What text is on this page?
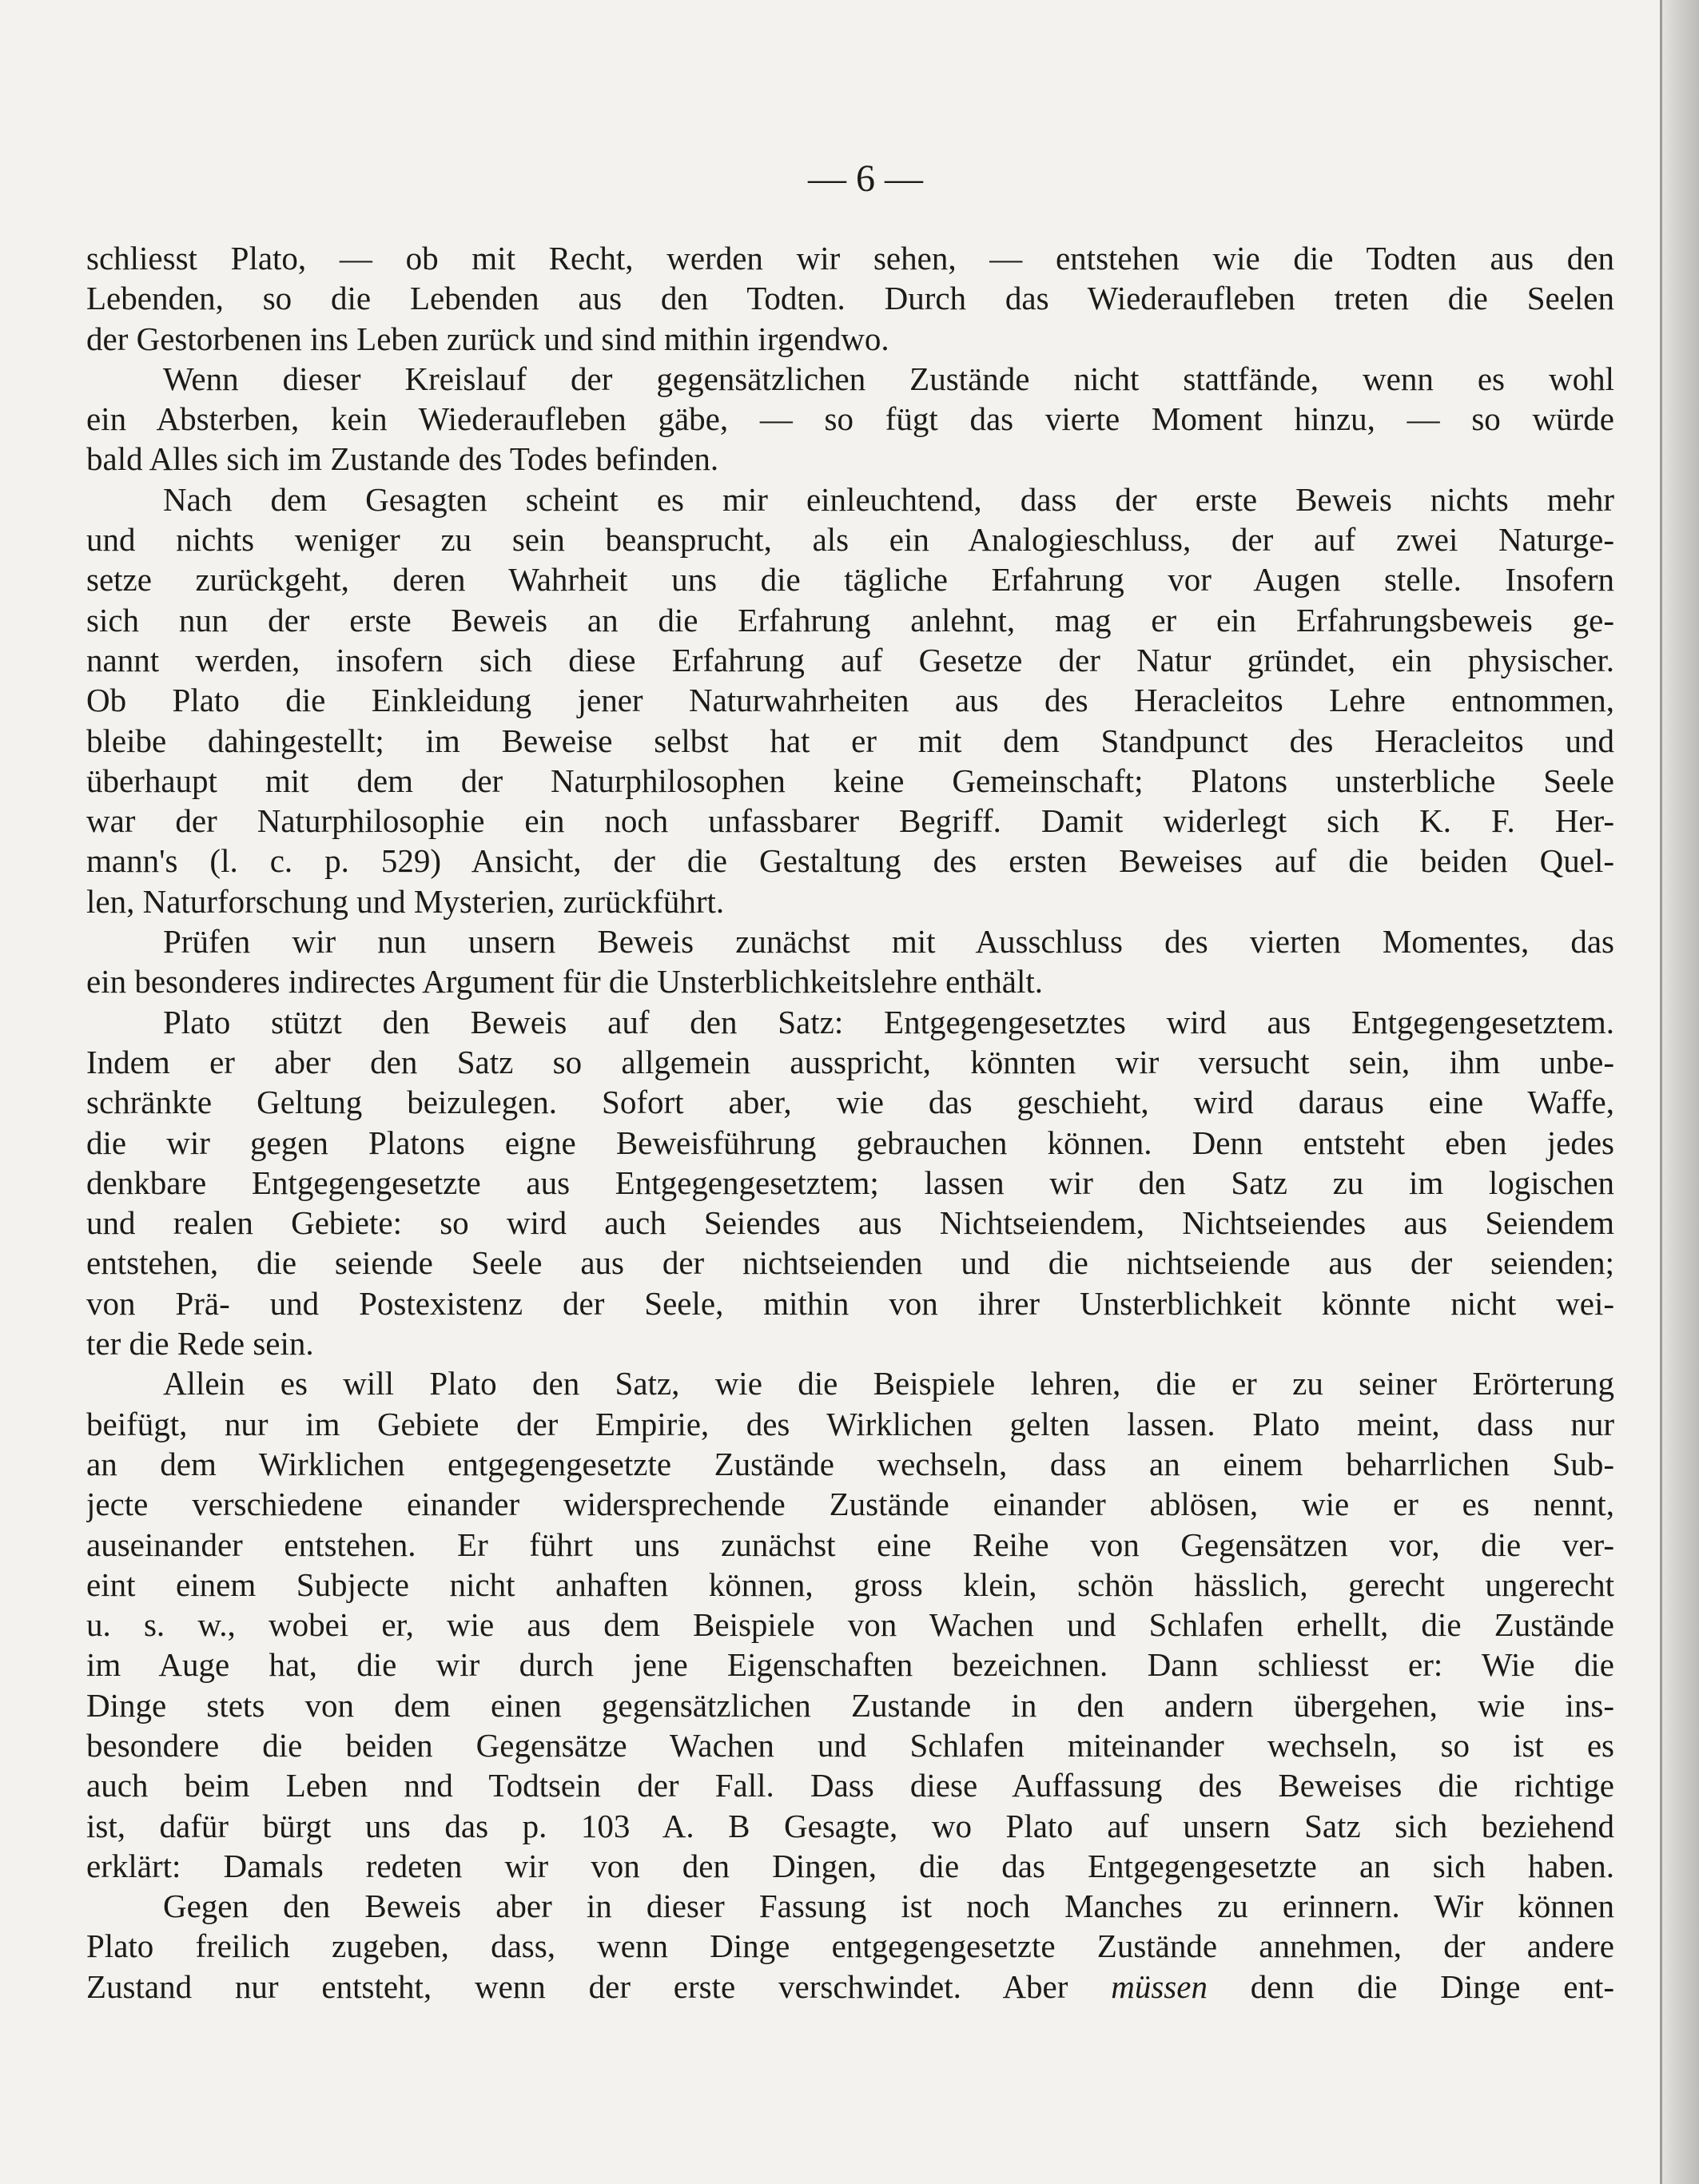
— 6 —
schliesst Plato, — ob mit Recht, werden wir sehen, — entstehen wie die Todten aus den
Lebenden, so die Lebenden aus den Todten. Durch das Wiederaufleben treten die Seelen
der Gestorbenen ins Leben zurück und sind mithin irgendwo.
Wenn dieser Kreislauf der gegensätzlichen Zustände nicht stattfände, wenn es wohl
ein Absterben, kein Wiederaufleben gäbe, — so fügt das vierte Moment hinzu, — so würde
bald Alles sich im Zustande des Todes befinden.
Nach dem Gesagten scheint es mir einleuchtend, dass der erste Beweis nichts mehr
und nichts weniger zu sein beansprucht, als ein Analogieschluss, der auf zwei Naturge-
setze zurückgeht, deren Wahrheit uns die tägliche Erfahrung vor Augen stelle. Insofern
sich nun der erste Beweis an die Erfahrung anlehnt, mag er ein Erfahrungsbeweis ge-
nannt werden, insofern sich diese Erfahrung auf Gesetze der Natur gründet, ein physischer.
Ob Plato die Einkleidung jener Naturwahrheiten aus des Heracleitos Lehre entnommen,
bleibe dahingestellt; im Beweise selbst hat er mit dem Standpunct des Heracleitos und
überhaupt mit dem der Naturphilosophen keine Gemeinschaft; Platons unsterbliche Seele
war der Naturphilosophie ein noch unfassbarer Begriff. Damit widerlegt sich K. F. Her-
mann's (l. c. p. 529) Ansicht, der die Gestaltung des ersten Beweises auf die beiden Quel-
len, Naturforschung und Mysterien, zurückführt.
Prüfen wir nun unsern Beweis zunächst mit Ausschluss des vierten Momentes, das
ein besonderes indirectes Argument für die Unsterblichkeitslehre enthält.
Plato stützt den Beweis auf den Satz: Entgegengesetztes wird aus Entgegengesetztem.
Indem er aber den Satz so allgemein ausspricht, könnten wir versucht sein, ihm unbe-
schränkte Geltung beizulegen. Sofort aber, wie das geschieht, wird daraus eine Waffe,
die wir gegen Platons eigne Beweisführung gebrauchen können. Denn entsteht eben jedes
denkbare Entgegengesetzte aus Entgegengesetztem; lassen wir den Satz zu im logischen
und realen Gebiete: so wird auch Seiendes aus Nichtseiendem, Nichtseiendes aus Seiendem
entstehen, die seiende Seele aus der nichtseienden und die nichtseiende aus der seienden;
von Prä- und Postexistenz der Seele, mithin von ihrer Unsterblichkeit könnte nicht wei-
ter die Rede sein.
Allein es will Plato den Satz, wie die Beispiele lehren, die er zu seiner Erörterung
beifügt, nur im Gebiete der Empirie, des Wirklichen gelten lassen. Plato meint, dass nur
an dem Wirklichen entgegengesetzte Zustände wechseln, dass an einem beharrlichen Sub-
jecte verschiedene einander widersprechende Zustände einander ablösen, wie er es nennt,
auseinander entstehen. Er führt uns zunächst eine Reihe von Gegensätzen vor, die ver-
eint einem Subjecte nicht anhaften können, gross klein, schön hässlich, gerecht ungerecht
u. s. w., wobei er, wie aus dem Beispiele von Wachen und Schlafen erhellt, die Zustände
im Auge hat, die wir durch jene Eigenschaften bezeichnen. Dann schliesst er: Wie die
Dinge stets von dem einen gegensätzlichen Zustande in den andern übergehen, wie ins-
besondere die beiden Gegensätze Wachen und Schlafen miteinander wechseln, so ist es
auch beim Leben nnd Todtsein der Fall. Dass diese Auffassung des Beweises die richtige
ist, dafür bürgt uns das p. 103 A. B Gesagte, wo Plato auf unsern Satz sich beziehend
erklärt: Damals redeten wir von den Dingen, die das Entgegengesetzte an sich haben.
Gegen den Beweis aber in dieser Fassung ist noch Manches zu erinnern. Wir können
Plato freilich zugeben, dass, wenn Dinge entgegengesetzte Zustände annehmen, der andere
Zustand nur entsteht, wenn der erste verschwindet. Aber müssen denn die Dinge ent-
